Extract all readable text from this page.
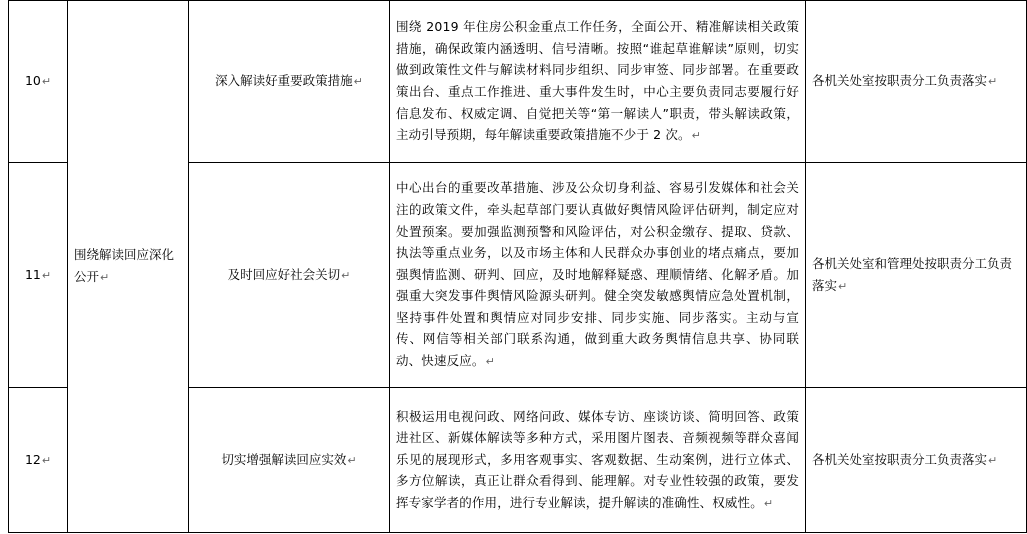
10↵	围绕解读回应深化公开↵	深入解读好重要政策措施↵	围绕 2019 年住房公积金重点工作任务，全面公开、精准解读相关政策措施，确保政策内涵透明、信号清晰。按照“谁起草谁解读”原则，切实做到政策性文件与解读材料同步组织、同步审签、同步部署。在重要政策出台、重点工作推进、重大事件发生时，中心主要负责同志要履行好信息发布、权威定调、自觉把关等“第一解读人”职责，带头解读政策，主动引导预期，每年解读重要政策措施不少于 2 次。↵	各机关处室按职责分工负责落实↵
11↵		及时回应好社会关切↵	中心出台的重要改革措施、涉及公众切身利益、容易引发媒体和社会关注的政策文件，牵头起草部门要认真做好舆情风险评估研判，制定应对处置预案。要加强监测预警和风险评估，对公积金缴存、提取、贷款、执法等重点业务，以及市场主体和人民群众办事创业的堵点痛点，要加强舆情监测、研判、回应，及时地解释疑惑、理顺情绪、化解矛盾。加强重大突发事件舆情风险源头研判。健全突发敏感舆情应急处置机制，坚持事件处置和舆情应对同步安排、同步实施、同步落实。主动与宣传、网信等相关部门联系沟通，做到重大政务舆情信息共享、协同联动、快速反应。↵	各机关处室和管理处按职责分工负责落实↵
12↵		切实增强解读回应实效↵	积极运用电视问政、网络问政、媒体专访、座谈访谈、简明回答、政策进社区、新媒体解读等多种方式，采用图片图表、音频视频等群众喜闻乐见的展现形式，多用客观事实、客观数据、生动案例，进行立体式、多方位解读，真正让群众看得到、能理解。对专业性较强的政策，要发挥专家学者的作用，进行专业解读，提升解读的准确性、权威性。↵	各机关处室按职责分工负责落实↵
